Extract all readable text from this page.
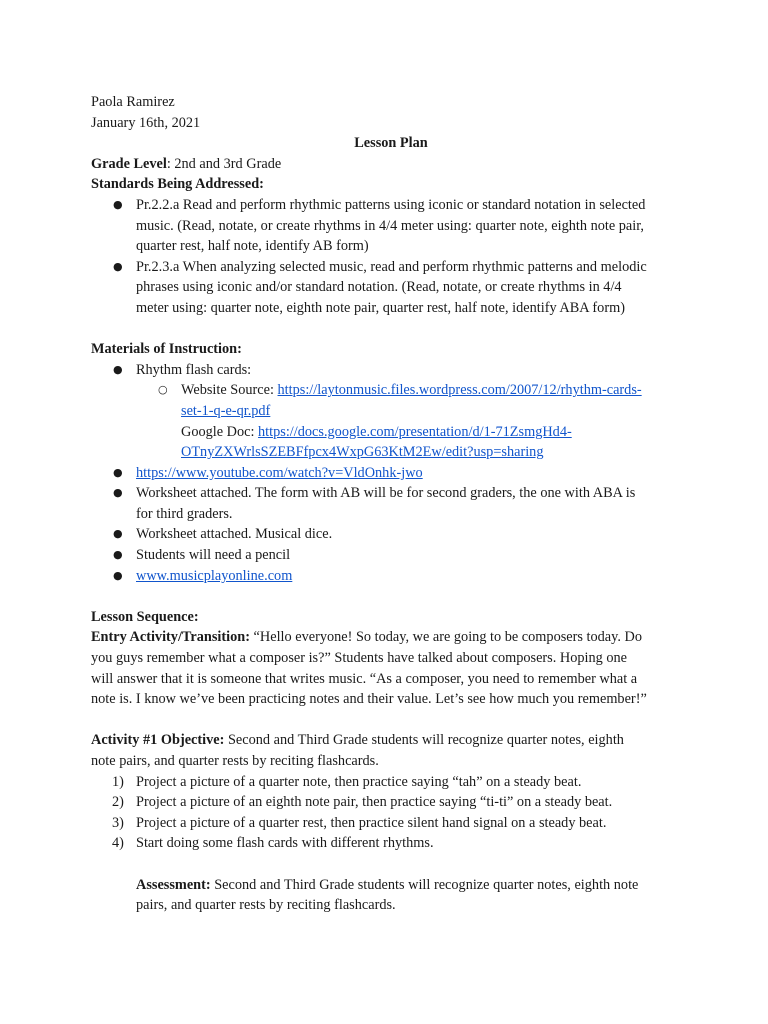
Paola Ramirez
January 16th, 2021
Lesson Plan
Grade Level: 2nd and 3rd Grade
Standards Being Addressed:
● Pr.2.2.a Read and perform rhythmic patterns using iconic or standard notation in selected
music. (Read, notate, or create rhythms in 4/4 meter using: quarter note, eighth note pair,
quarter rest, half note, identify AB form)
● Pr.2.3.a When analyzing selected music, read and perform rhythmic patterns and melodic
phrases using iconic and/or standard notation. (Read, notate, or create rhythms in 4/4
meter using: quarter note, eighth note pair, quarter rest, half note, identify ABA form)
Materials of Instruction:
● Rhythm flash cards:
○ Website Source: https://laytonmusic.files.wordpress.com/2007/12/rhythm-cards-
set-1-q-e-qr.pdf
Google Doc: https://docs.google.com/presentation/d/1-71ZsmgHd4-
OTnyZXWrlsSZEBFfpcx4WxpG63KtM2Ew/edit?usp=sharing
● https://www.youtube.com/watch?v=VldOnhk-jwo
● Worksheet attached. The form with AB will be for second graders, the one with ABA is
for third graders.
● Worksheet attached. Musical dice.
● Students will need a pencil
● www.musicplayonline.com
Lesson Sequence:
Entry Activity/Transition: “Hello everyone! So today, we are going to be composers today. Do
you guys remember what a composer is?” Students have talked about composers. Hoping one
will answer that it is someone that writes music. “As a composer, you need to remember what a
note is. I know we’ve been practicing notes and their value. Let’s see how much you remember!”
Activity #1 Objective: Second and Third Grade students will recognize quarter notes, eighth
note pairs, and quarter rests by reciting flashcards.
1) Project a picture of a quarter note, then practice saying “tah” on a steady beat.
2) Project a picture of an eighth note pair, then practice saying “ti-ti” on a steady beat.
3) Project a picture of a quarter rest, then practice silent hand signal on a steady beat.
4) Start doing some flash cards with different rhythms.
Assessment: Second and Third Grade students will recognize quarter notes, eighth note
pairs, and quarter rests by reciting flashcards.
